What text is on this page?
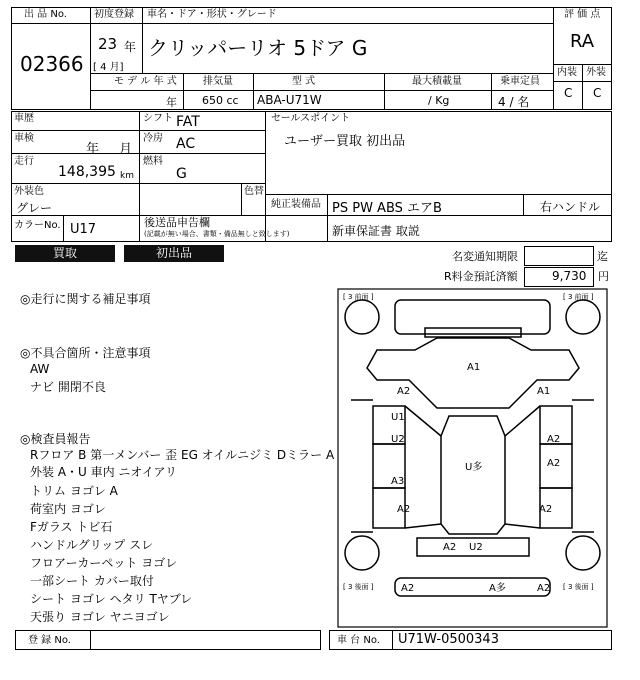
出 品 No.
02366
初度登録 車名・ドア・形状・グレード
23 年
[ 4 月]
クリッパーリオ 5ドア G
評 価 点
RA
内装 外装
C C
モ デ ル 年 式	排気量	型 式	最大積載量	乗車定員
年 650 cc ABA-U71W	/ Kg	4 / 名
車歴	シフト FAT
車検
年 月
冷房 AC
走行
148,395 km
燃料
G
セールスポイント
ユーザー買取 初出品
外装色
グレー
色替
純正装備品 PS PW ABS エアB	右ハンドル
カラーNo. U17	後送品申告欄
(記載が無い場合、書類・備品無しと致します)	新車保証書 取説
買取	初出品	名変通知期限	迄
R料金預託済額	9,730 円
◎走行に関する補足事項
◎不具合箇所・注意事項
AW
ナビ 開閉不良
◎検査員報告
Rフロア B 第一メンバー 歪 EG オイルニジミ Dミラー A
外装 A・U 車内 ニオイアリ
トリム ヨゴレ A
荷室内 ヨゴレ
Fガラス トビ石
ハンドルグリップ スレ
フロアーカーペット ヨゴレ
一部シート カバー取付
シート ヨゴレ ヘタリ Tヤブレ
天張り ヨゴレ ヤニヨゴレ
[ 3 前面 ]	[ 3 前面 ]
[ 3 後面 ]	[ 3 後面 ]
A1
A2	A1
U1
U2	A2
A2
U多
A3
A2	A2
A2 U2
A2	A多	A2
登 録 No.	車 台 No. U71W-0500343
